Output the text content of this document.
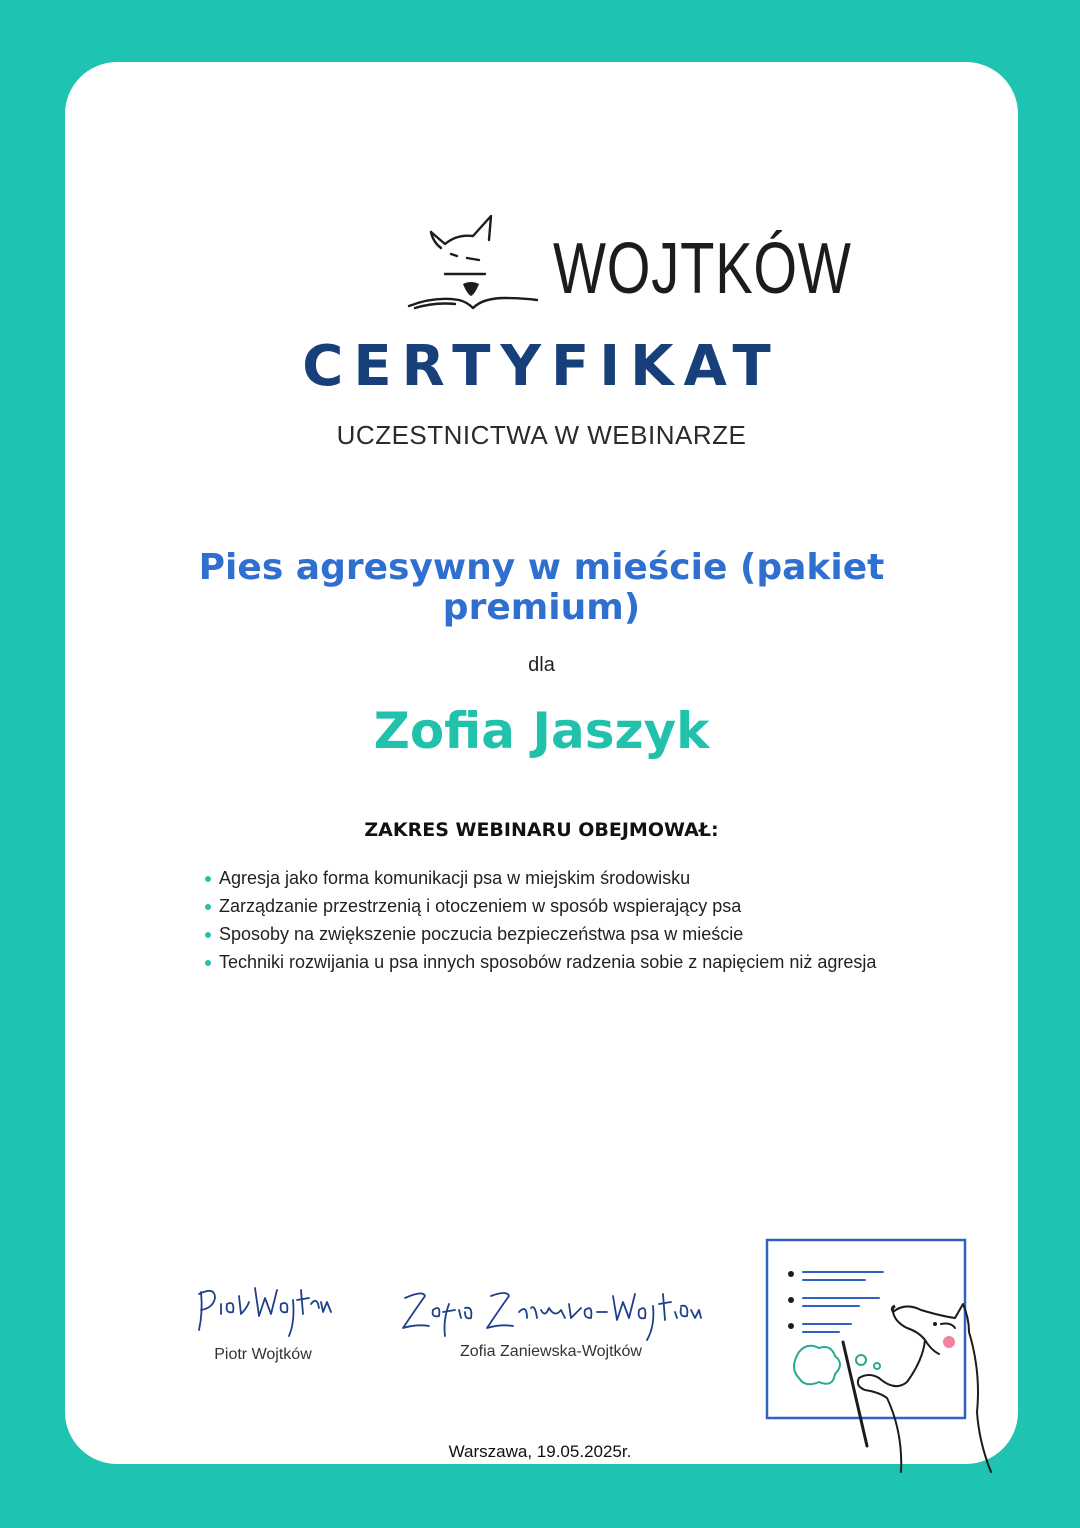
WOJTKÓW
CERTYFIKAT

UCZESTNICTWA W WEBINARZE

Pies agresywny w mieście (pakiet premium)

dla

Zofia Jaszyk

ZAKRES WEBINARU OBEJMOWAŁ:

Agresja jako forma komunikacji psa w miejskim środowisku
Zarządzanie przestrzenią i otoczeniem w sposób wspierający psa
Sposoby na zwiększenie poczucia bezpieczeństwa psa w mieście
Techniki rozwijania u psa innych sposobów radzenia sobie z napięciem niż agresja

Piotr Wojtków	Zofia Zaniewska-Wojtków

Warszawa, 19.05.2025r.
